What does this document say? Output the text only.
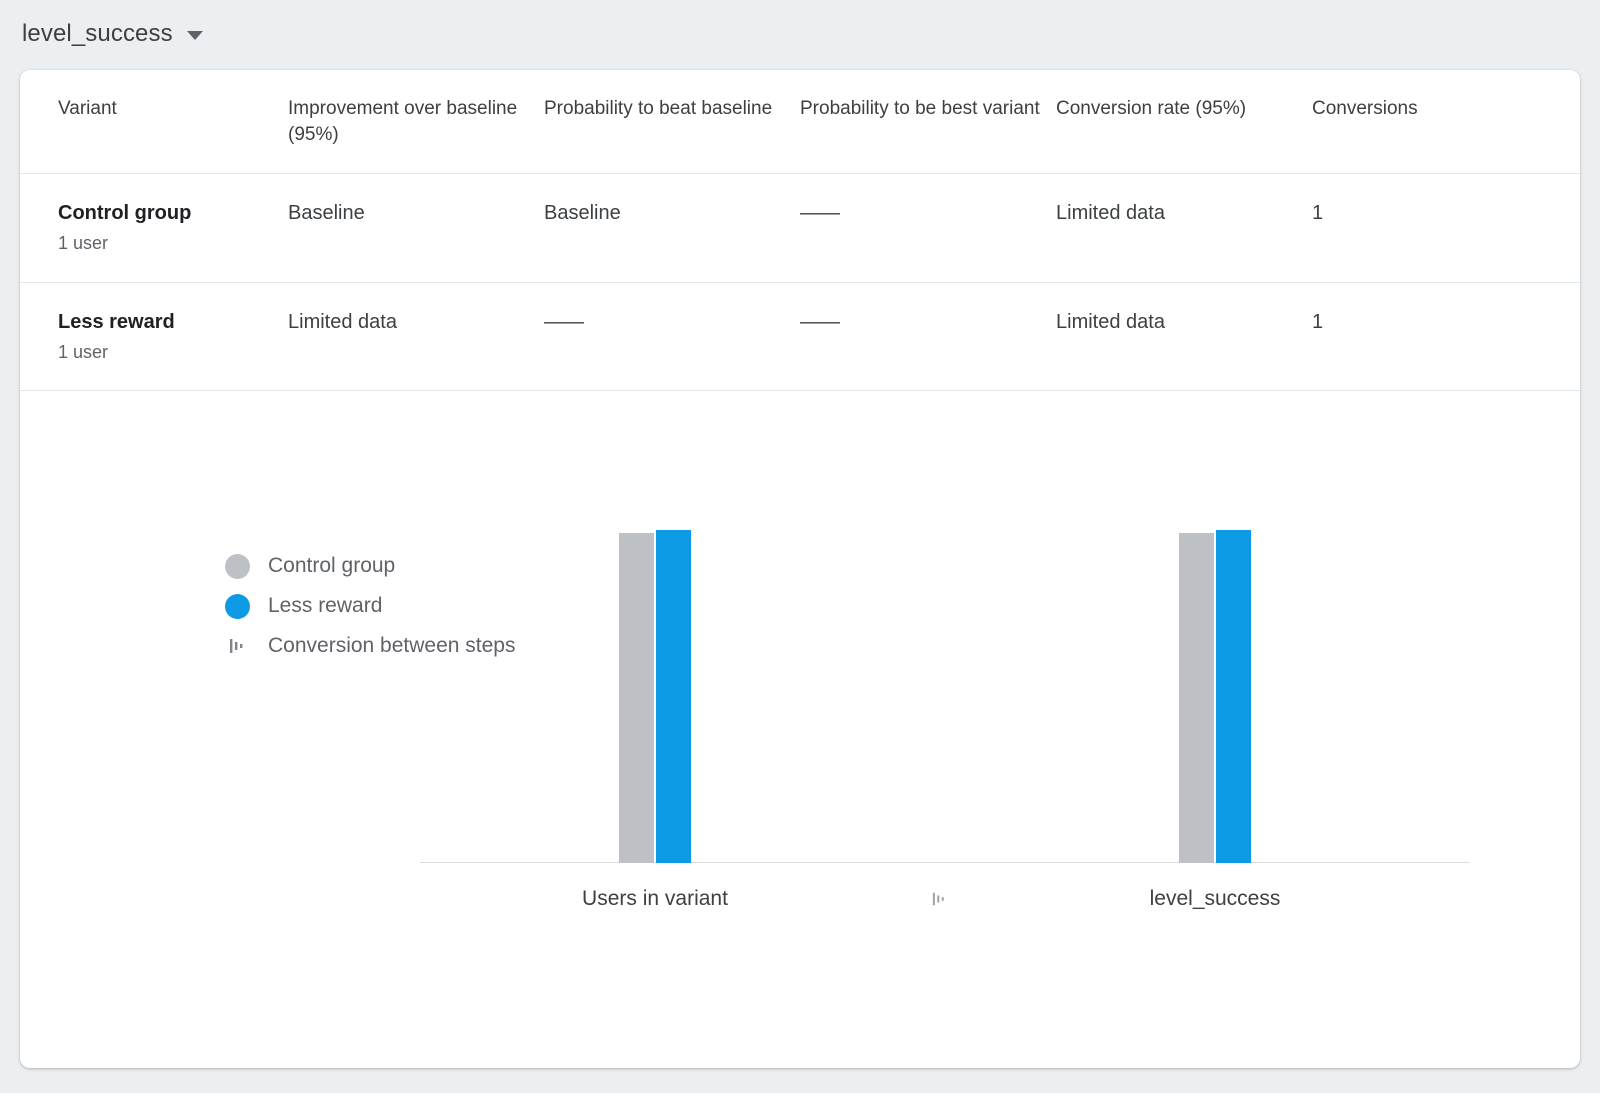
level_success
Variant	Improvement over baseline (95%)	Probability to beat baseline	Probability to be best variant	Conversion rate (95%)	Conversions

Control group
1 user	Baseline	Baseline	——	Limited data	1

Less reward
1 user	Limited data	——	——	Limited data	1
Control group
Less reward
Conversion between steps
Users in variant	level_success
